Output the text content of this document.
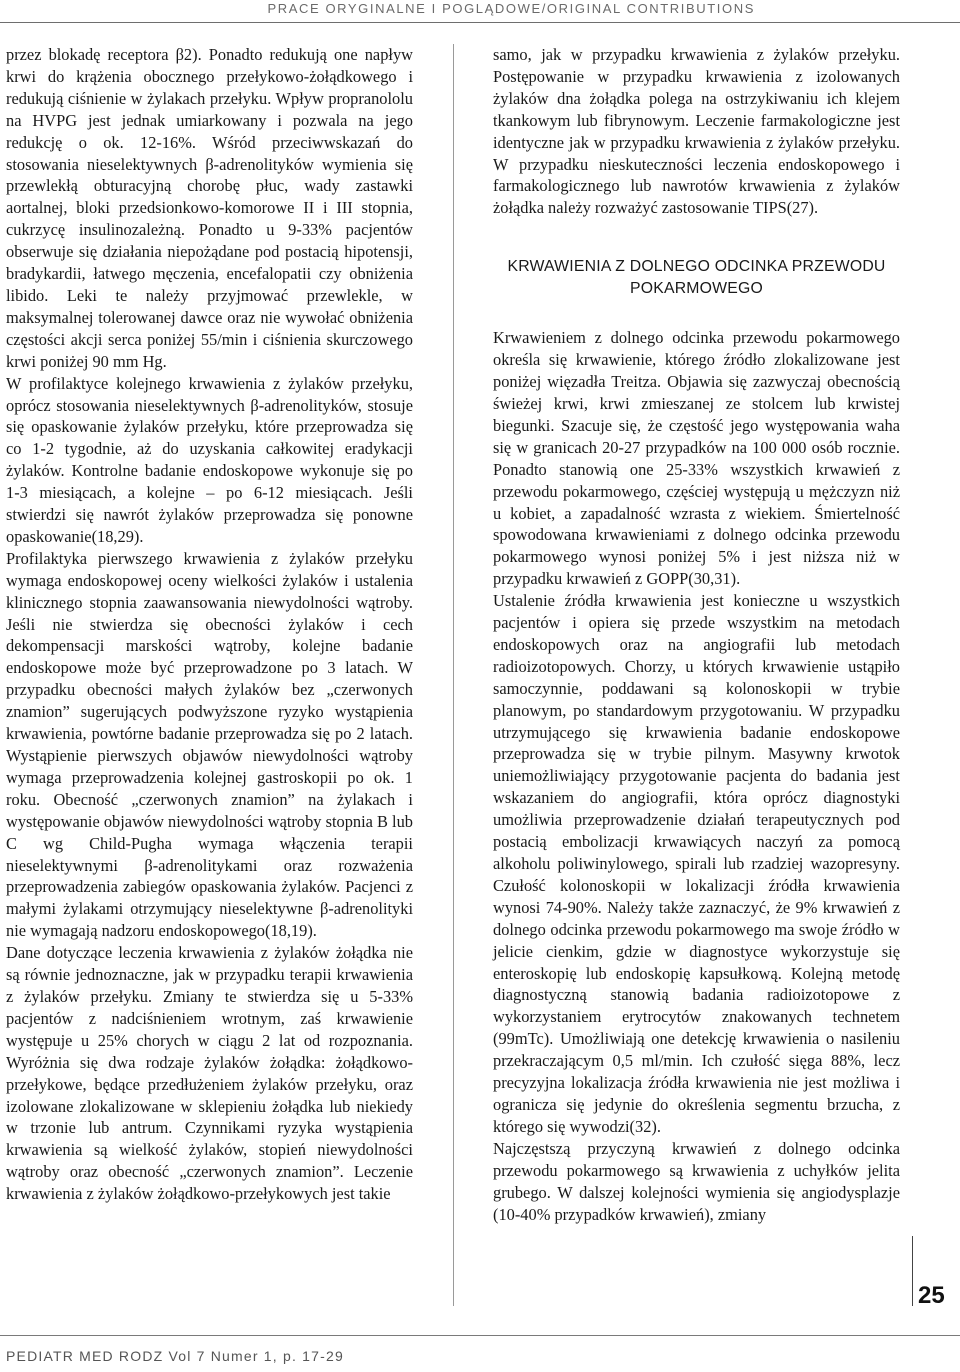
PRACE ORYGINALNE I POGLĄDOWE/ORIGINAL CONTRIBUTIONS

przez blokadę receptora β2). Ponadto redukują one napływ krwi do krążenia obocznego przełykowo-żołądkowego i redukują ciśnienie w żylakach przełyku. Wpływ propranololu na HVPG jest jednak umiarkowany i pozwala na jego redukcję o ok. 12-16%. Wśród przeciwwskazań do stosowania nieselektywnych β-adrenolityków wymienia się przewlekłą obturacyjną chorobę płuc, wady zastawki aortalnej, bloki przedsionkowo-komorowe II i III stopnia, cukrzycę insulinozależną. Ponadto u 9-33% pacjentów obserwuje się działania niepożądane pod postacią hipotensji, bradykardii, łatwego męczenia, encefalopatii czy obniżenia libido. Leki te należy przyjmować przewlekle, w maksymalnej tolerowanej dawce oraz nie wywołać obniżenia częstości akcji serca poniżej 55/min i ciśnienia skurczowego krwi poniżej 90 mm Hg.

W profilaktyce kolejnego krwawienia z żylaków przełyku, oprócz stosowania nieselektywnych β-adrenolityków, stosuje się opaskowanie żylaków przełyku, które przeprowadza się co 1-2 tygodnie, aż do uzyskania całkowitej eradykacji żylaków. Kontrolne badanie endoskopowe wykonuje się po 1-3 miesiącach, a kolejne – po 6-12 miesiącach. Jeśli stwierdzi się nawrót żylaków przeprowadza się ponowne opaskowanie(18,29).

Profilaktyka pierwszego krwawienia z żylaków przełyku wymaga endoskopowej oceny wielkości żylaków i ustalenia klinicznego stopnia zaawansowania niewydolności wątroby. Jeśli nie stwierdza się obecności żylaków i cech dekompensacji marskości wątroby, kolejne badanie endoskopowe może być przeprowadzone po 3 latach. W przypadku obecności małych żylaków bez „czerwonych znamion” sugerujących podwyższone ryzyko wystąpienia krwawienia, powtórne badanie przeprowadza się po 2 latach. Wystąpienie pierwszych objawów niewydolności wątroby wymaga przeprowadzenia kolejnej gastroskopii po ok. 1 roku. Obecność „czerwonych znamion” na żylakach i występowanie objawów niewydolności wątroby stopnia B lub C wg Child-Pugha wymaga włączenia terapii nieselektywnymi β-adrenolitykami oraz rozważenia przeprowadzenia zabiegów opaskowania żylaków. Pacjenci z małymi żylakami otrzymujący nieselektywne β-adrenolityki nie wymagają nadzoru endoskopowego(18,19).

Dane dotyczące leczenia krwawienia z żylaków żołądka nie są równie jednoznaczne, jak w przypadku terapii krwawienia z żylaków przełyku. Zmiany te stwierdza się u 5-33% pacjentów z nadciśnieniem wrotnym, zaś krwawienie występuje u 25% chorych w ciągu 2 lat od rozpoznania. Wyróżnia się dwa rodzaje żylaków żołądka: żołądkowo-przełykowe, będące przedłużeniem żylaków przełyku, oraz izolowane zlokalizowane w sklepieniu żołądka lub niekiedy w trzonie lub antrum. Czynnikami ryzyka wystąpienia krwawienia są wielkość żylaków, stopień niewydolności wątroby oraz obecność „czerwonych znamion”. Leczenie krwawienia z żylaków żołądkowo-przełykowych jest takie

samo, jak w przypadku krwawienia z żylaków przełyku. Postępowanie w przypadku krwawienia z izolowanych żylaków dna żołądka polega na ostrzykiwaniu ich klejem tkankowym lub fibrynowym. Leczenie farmakologiczne jest identyczne jak w przypadku krwawienia z żylaków przełyku. W przypadku nieskuteczności leczenia endoskopowego i farmakologicznego lub nawrotów krwawienia z żylaków żołądka należy rozważyć zastosowanie TIPS(27).

KRWAWIENIA Z DOLNEGO ODCINKA PRZEWODU POKARMOWEGO

Krwawieniem z dolnego odcinka przewodu pokarmowego określa się krwawienie, którego źródło zlokalizowane jest poniżej więzadła Treitza. Objawia się zazwyczaj obecnością świeżej krwi, krwi zmieszanej ze stolcem lub krwistej biegunki. Szacuje się, że częstość jego występowania waha się w granicach 20-27 przypadków na 100 000 osób rocznie. Ponadto stanowią one 25-33% wszystkich krwawień z przewodu pokarmowego, częściej występują u mężczyzn niż u kobiet, a zapadalność wzrasta z wiekiem. Śmiertelność spowodowana krwawieniami z dolnego odcinka przewodu pokarmowego wynosi poniżej 5% i jest niższa niż w przypadku krwawień z GOPP(30,31).

Ustalenie źródła krwawienia jest konieczne u wszystkich pacjentów i opiera się przede wszystkim na metodach endoskopowych oraz na angiografii lub metodach radioizotopowych. Chorzy, u których krwawienie ustąpiło samoczynnie, poddawani są kolonoskopii w trybie planowym, po standardowym przygotowaniu. W przypadku utrzymującego się krwawienia badanie endoskopowe przeprowadza się w trybie pilnym. Masywny krwotok uniemożliwiający przygotowanie pacjenta do badania jest wskazaniem do angiografii, która oprócz diagnostyki umożliwia przeprowadzenie działań terapeutycznych pod postacią embolizacji krwawiących naczyń za pomocą alkoholu poliwinylowego, spirali lub rzadziej wazopresyny. Czułość kolonoskopii w lokalizacji źródła krwawienia wynosi 74-90%. Należy także zaznaczyć, że 9% krwawień z dolnego odcinka przewodu pokarmowego ma swoje źródło w jelicie cienkim, gdzie w diagnostyce wykorzystuje się enteroskopię lub endoskopię kapsułkową. Kolejną metodę diagnostyczną stanowią badania radioizotopowe z wykorzystaniem erytrocytów znakowanych technetem (99mTc). Umożliwiają one detekcję krwawienia o nasileniu przekraczającym 0,5 ml/min. Ich czułość sięga 88%, lecz precyzyjna lokalizacja źródła krwawienia nie jest możliwa i ogranicza się jedynie do określenia segmentu brzucha, z którego się wywodzi(32).

Najczęstszą przyczyną krwawień z dolnego odcinka przewodu pokarmowego są krwawienia z uchyłków jelita grubego. W dalszej kolejności wymienia się angiodysplazje (10-40% przypadków krwawień), zmiany

25
PEDIATR MED RODZ Vol 7 Numer 1, p. 17-29
